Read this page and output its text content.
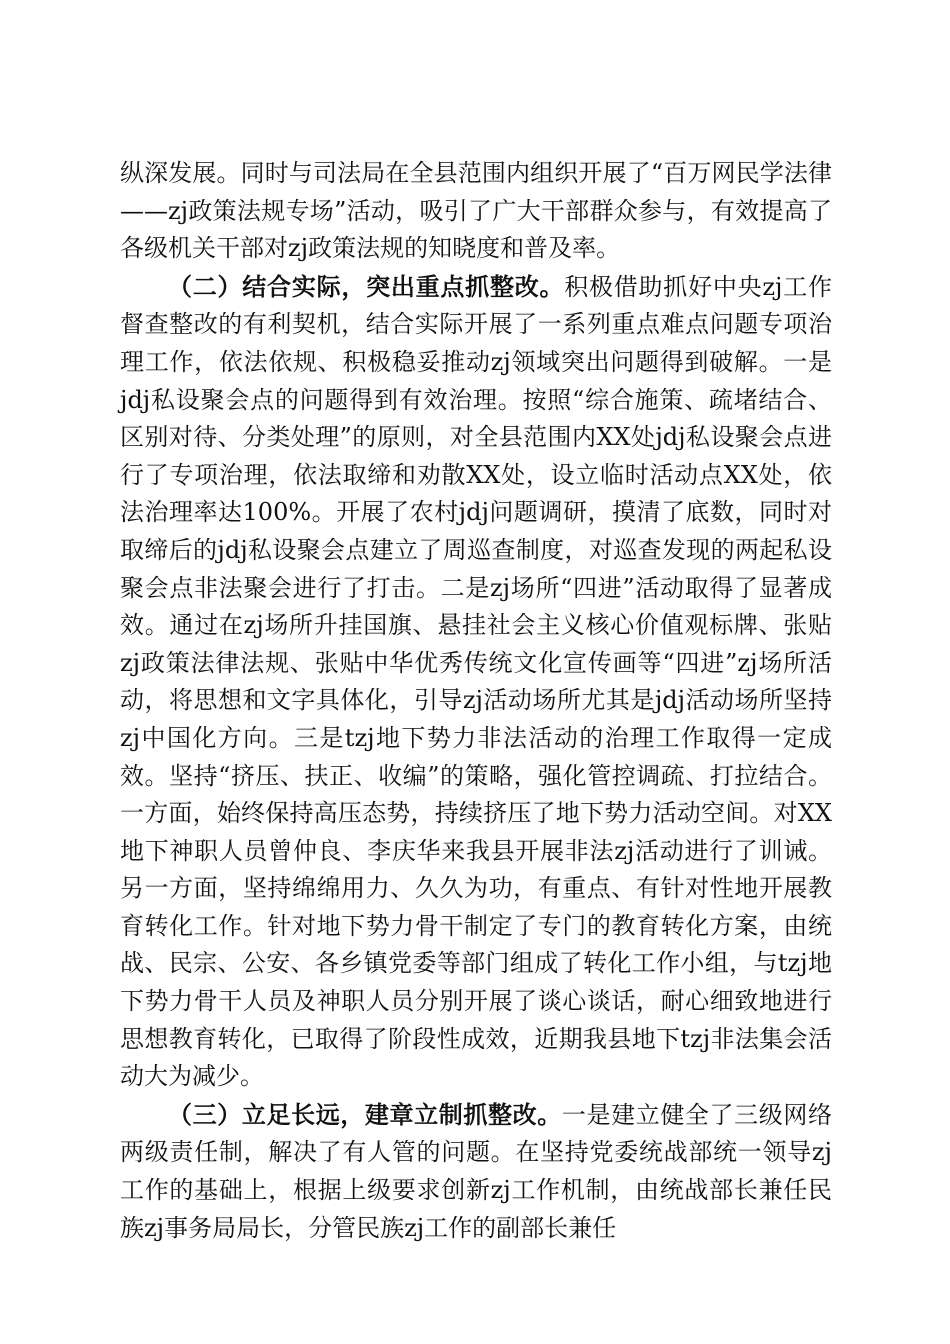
纵深发展。同时与司法局在全县范围内组织开展了“百万网民学法律——zj政策法规专场”活动，吸引了广大干部群众参与，有效提高了各级机关干部对zj政策法规的知晓度和普及率。

（二）结合实际，突出重点抓整改。积极借助抓好中央zj工作督查整改的有利契机，结合实际开展了一系列重点难点问题专项治理工作，依法依规、积极稳妥推动zj领域突出问题得到破解。一是jdj私设聚会点的问题得到有效治理。按照“综合施策、疏堵结合、区别对待、分类处理”的原则，对全县范围内XX处jdj私设聚会点进行了专项治理，依法取缔和劝散XX处，设立临时活动点XX处，依法治理率达100%。开展了农村jdj问题调研，摸清了底数，同时对取缔后的jdj私设聚会点建立了周巡查制度，对巡查发现的两起私设聚会点非法聚会进行了打击。二是zj场所“四进”活动取得了显著成效。通过在zj场所升挂国旗、悬挂社会主义核心价值观标牌、张贴zj政策法律法规、张贴中华优秀传统文化宣传画等“四进”zj场所活动，将思想和文字具体化，引导zj活动场所尤其是jdj活动场所坚持zj中国化方向。三是tzj地下势力非法活动的治理工作取得一定成效。坚持“挤压、扶正、收编”的策略，强化管控调疏、打拉结合。一方面，始终保持高压态势，持续挤压了地下势力活动空间。对XX地下神职人员曾仲良、李庆华来我县开展非法zj活动进行了训诫。另一方面，坚持绵绵用力、久久为功，有重点、有针对性地开展教育转化工作。针对地下势力骨干制定了专门的教育转化方案，由统战、民宗、公安、各乡镇党委等部门组成了转化工作小组，与tzj地下势力骨干人员及神职人员分别开展了谈心谈话，耐心细致地进行思想教育转化，已取得了阶段性成效，近期我县地下tzj非法集会活动大为减少。

（三）立足长远，建章立制抓整改。一是建立健全了三级网络两级责任制，解决了有人管的问题。在坚持党委统战部统一领导zj工作的基础上，根据上级要求创新zj工作机制，由统战部长兼任民族zj事务局局长，分管民族zj工作的副部长兼任
